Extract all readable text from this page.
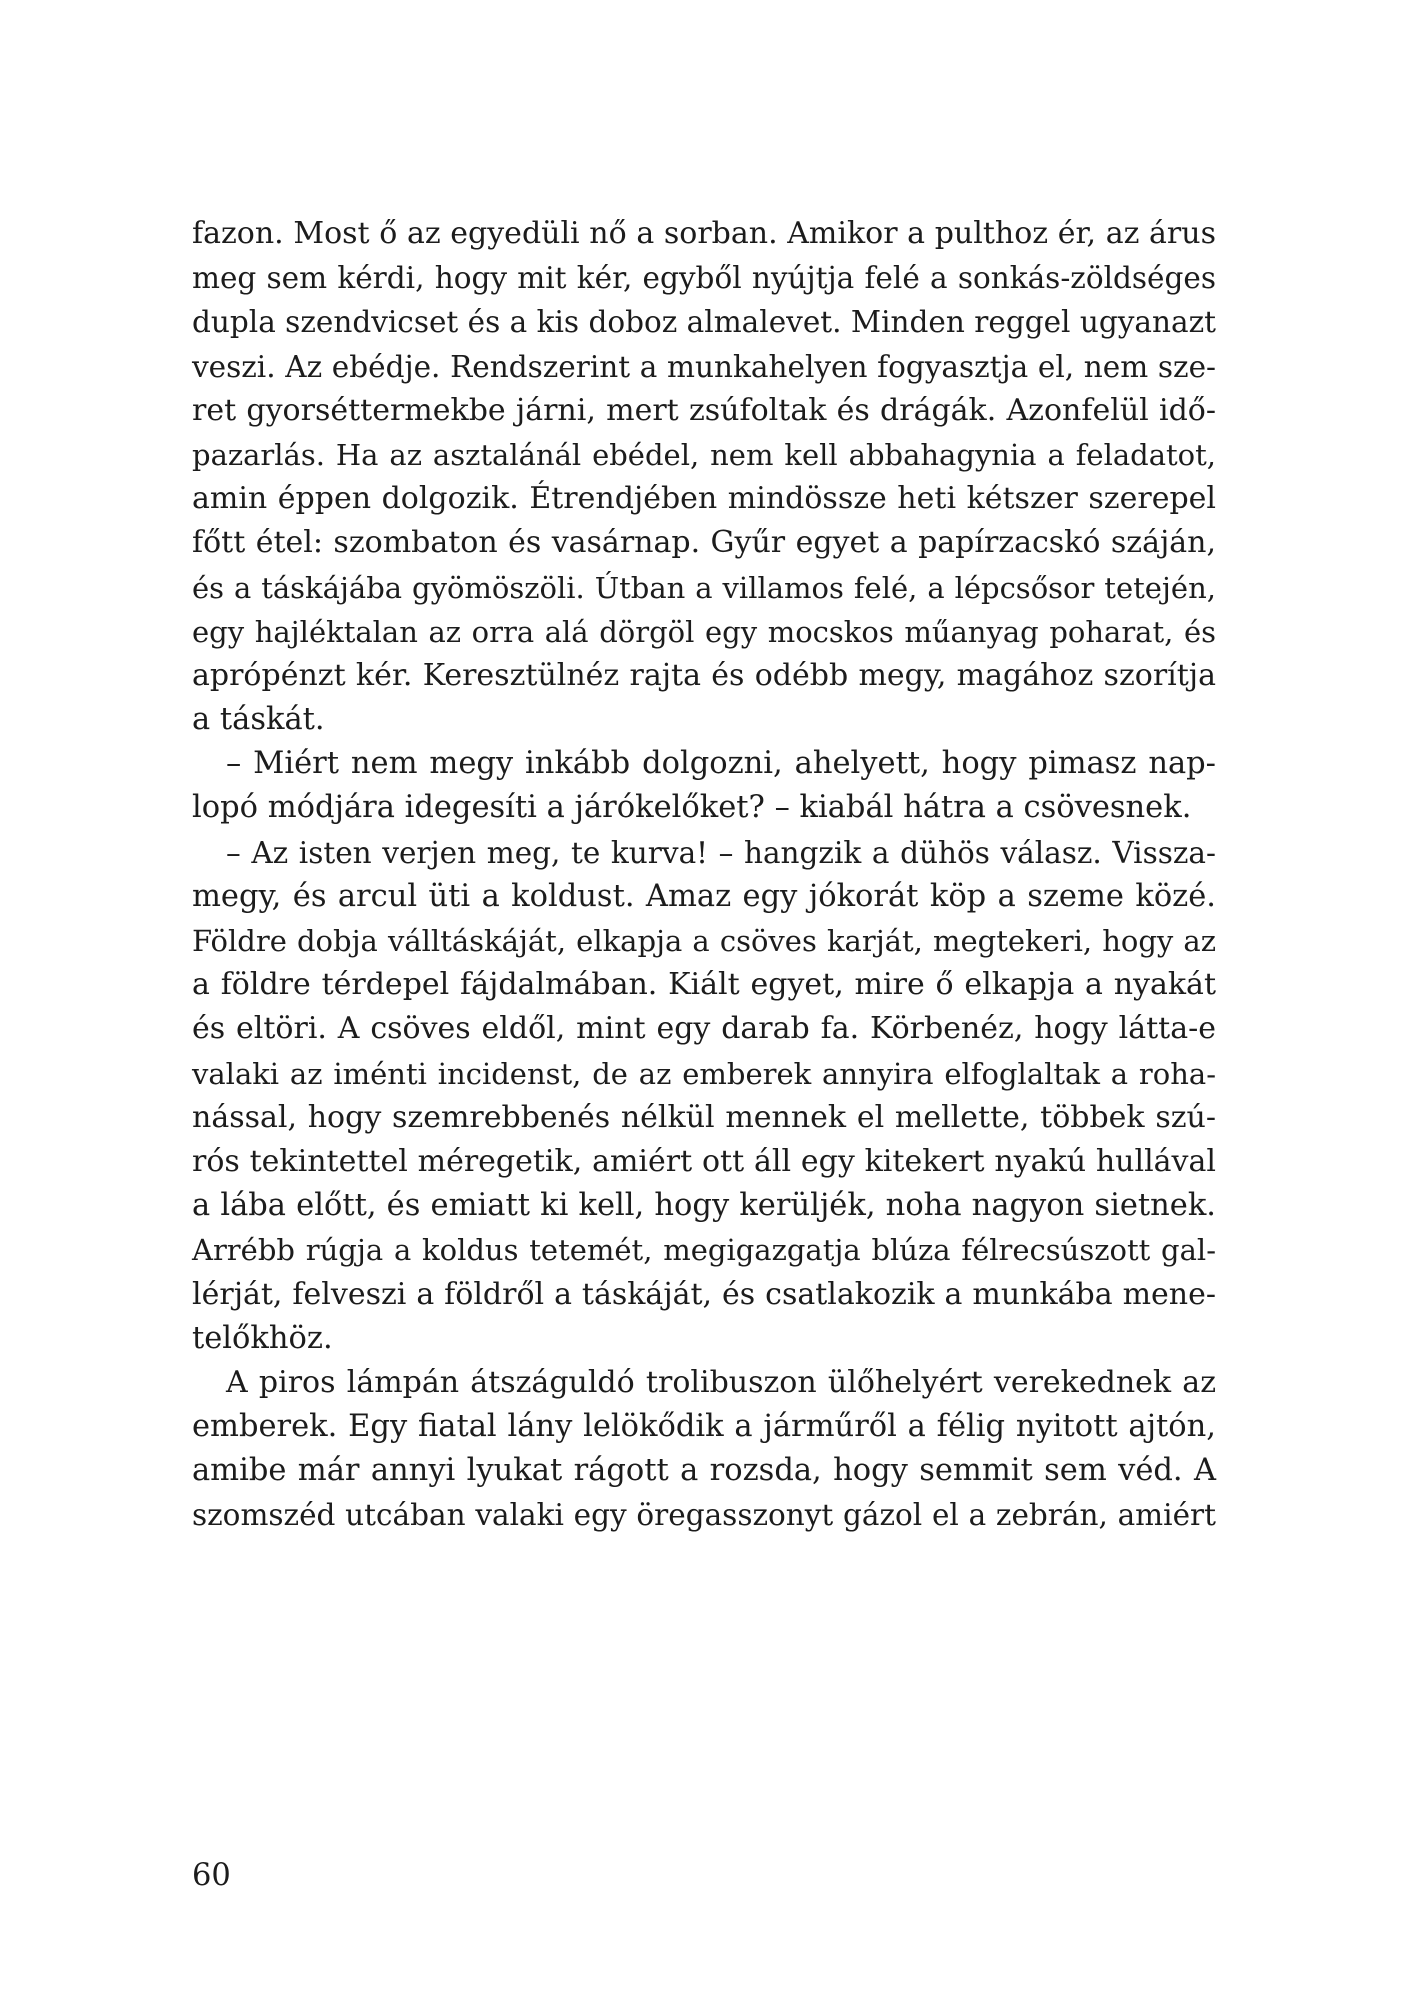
fazon. Most ő az egyedüli nő a sorban. Amikor a pulthoz ér, az árus
meg sem kérdi, hogy mit kér, egyből nyújtja felé a sonkás-zöldséges
dupla szendvicset és a kis doboz almalevet. Minden reggel ugyanazt
veszi. Az ebédje. Rendszerint a munkahelyen fogyasztja el, nem sze-
ret gyorséttermekbe járni, mert zsúfoltak és drágák. Azonfelül idő-
pazarlás. Ha az asztalánál ebédel, nem kell abbahagynia a feladatot,
amin éppen dolgozik. Étrendjében mindössze heti kétszer szerepel
főtt étel: szombaton és vasárnap. Gyűr egyet a papírzacskó száján,
és a táskájába gyömöszöli. Útban a villamos felé, a lépcsősor tetején,
egy hajléktalan az orra alá dörgöl egy mocskos műanyag poharat, és
aprópénzt kér. Keresztülnéz rajta és odébb megy, magához szorítja
a táskát.
– Miért nem megy inkább dolgozni, ahelyett, hogy pimasz nap-
lopó módjára idegesíti a járókelőket? – kiabál hátra a csövesnek.
– Az isten verjen meg, te kurva! – hangzik a dühös válasz. Vissza-
megy, és arcul üti a koldust. Amaz egy jókorát köp a szeme közé.
Földre dobja válltáskáját, elkapja a csöves karját, megtekeri, hogy az
a földre térdepel fájdalmában. Kiált egyet, mire ő elkapja a nyakát
és eltöri. A csöves eldől, mint egy darab fa. Körbenéz, hogy látta-e
valaki az iménti incidenst, de az emberek annyira elfoglaltak a roha-
nással, hogy szemrebbenés nélkül mennek el mellette, többek szú-
rós tekintettel méregetik, amiért ott áll egy kitekert nyakú hullával
a lába előtt, és emiatt ki kell, hogy kerüljék, noha nagyon sietnek.
Arrébb rúgja a koldus tetemét, megigazgatja blúza félrecsúszott gal-
lérját, felveszi a földről a táskáját, és csatlakozik a munkába mene-
telőkhöz.
A piros lámpán átszáguldó trolibuszon ülőhelyért verekednek az
emberek. Egy fiatal lány lelökődik a járműről a félig nyitott ajtón,
amibe már annyi lyukat rágott a rozsda, hogy semmit sem véd. A
szomszéd utcában valaki egy öregasszonyt gázol el a zebrán, amiért
60
